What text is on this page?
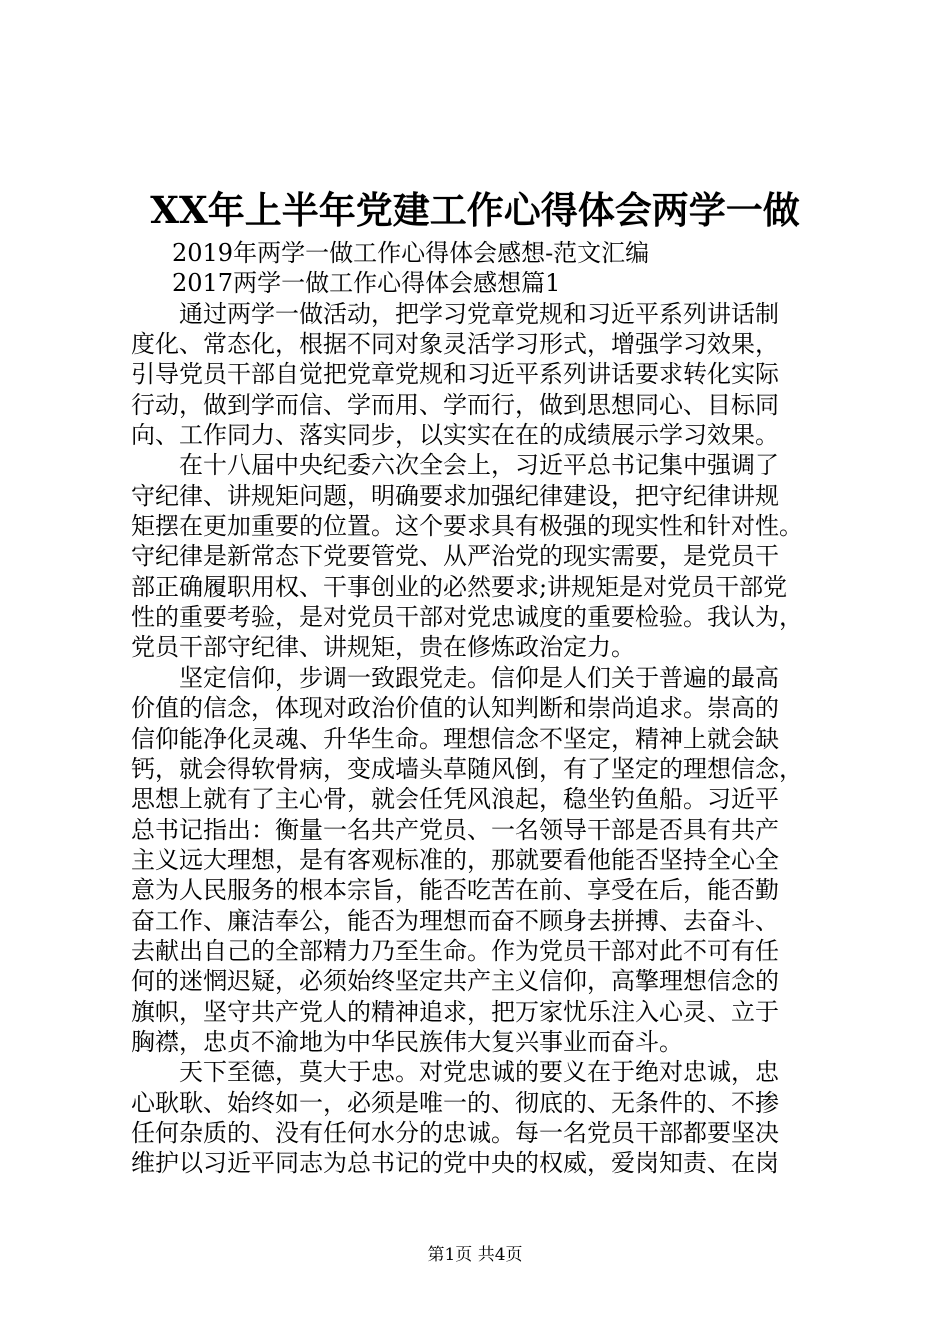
XX年上半年党建工作心得体会两学一做
2019年两学一做工作心得体会感想-范文汇编
2017两学一做工作心得体会感想篇1
　　通过两学一做活动，把学习党章党规和习近平系列讲话制
度化、常态化，根据不同对象灵活学习形式，增强学习效果，
引导党员干部自觉把党章党规和习近平系列讲话要求转化实际
行动，做到学而信、学而用、学而行，做到思想同心、目标同
向、工作同力、落实同步，以实实在在的成绩展示学习效果。
　　在十八届中央纪委六次全会上，习近平总书记集中强调了
守纪律、讲规矩问题，明确要求加强纪律建设，把守纪律讲规
矩摆在更加重要的位置。这个要求具有极强的现实性和针对性。
守纪律是新常态下党要管党、从严治党的现实需要，是党员干
部正确履职用权、干事创业的必然要求;讲规矩是对党员干部党
性的重要考验，是对党员干部对党忠诚度的重要检验。我认为，
党员干部守纪律、讲规矩，贵在修炼政治定力。
　　坚定信仰，步调一致跟党走。信仰是人们关于普遍的最高
价值的信念，体现对政治价值的认知判断和崇尚追求。崇高的
信仰能净化灵魂、升华生命。理想信念不坚定，精神上就会缺
钙，就会得软骨病，变成墙头草随风倒，有了坚定的理想信念，
思想上就有了主心骨，就会任凭风浪起，稳坐钓鱼船。习近平
总书记指出：衡量一名共产党员、一名领导干部是否具有共产
主义远大理想，是有客观标准的，那就要看他能否坚持全心全
意为人民服务的根本宗旨，能否吃苦在前、享受在后，能否勤
奋工作、廉洁奉公，能否为理想而奋不顾身去拼搏、去奋斗、
去献出自己的全部精力乃至生命。作为党员干部对此不可有任
何的迷惘迟疑，必须始终坚定共产主义信仰，高擎理想信念的
旗帜，坚守共产党人的精神追求，把万家忧乐注入心灵、立于
胸襟，忠贞不渝地为中华民族伟大复兴事业而奋斗。
　　天下至德，莫大于忠。对党忠诚的要义在于绝对忠诚，忠
心耿耿、始终如一，必须是唯一的、彻底的、无条件的、不掺
任何杂质的、没有任何水分的忠诚。每一名党员干部都要坚决
维护以习近平同志为总书记的党中央的权威，爱岗知责、在岗
第1页 共4页
